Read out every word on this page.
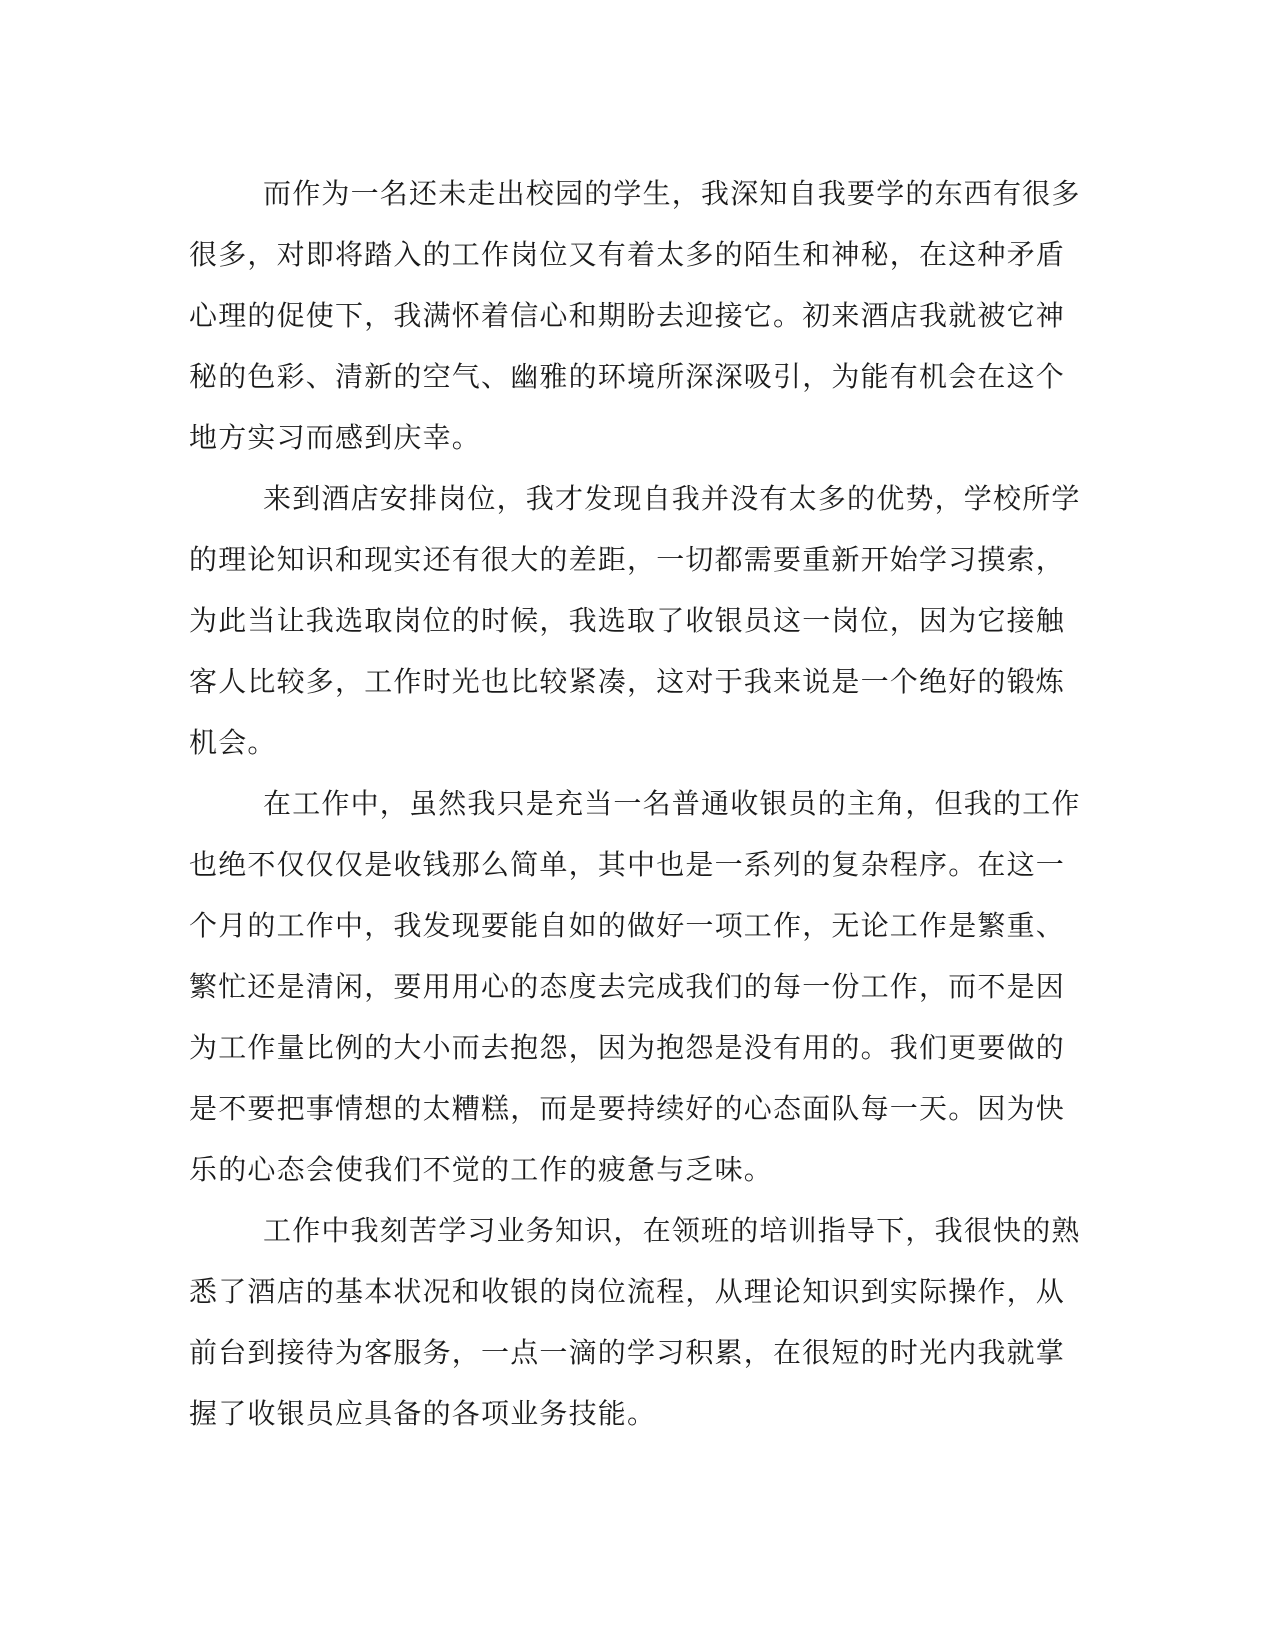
而作为一名还未走出校园的学生，我深知自我要学的东西有很多
很多，对即将踏入的工作岗位又有着太多的陌生和神秘，在这种矛盾
心理的促使下，我满怀着信心和期盼去迎接它。初来酒店我就被它神
秘的色彩、清新的空气、幽雅的环境所深深吸引，为能有机会在这个
地方实习而感到庆幸。
来到酒店安排岗位，我才发现自我并没有太多的优势，学校所学
的理论知识和现实还有很大的差距，一切都需要重新开始学习摸索，
为此当让我选取岗位的时候，我选取了收银员这一岗位，因为它接触
客人比较多，工作时光也比较紧凑，这对于我来说是一个绝好的锻炼
机会。
在工作中，虽然我只是充当一名普通收银员的主角，但我的工作
也绝不仅仅仅是收钱那么简单，其中也是一系列的复杂程序。在这一
个月的工作中，我发现要能自如的做好一项工作，无论工作是繁重、
繁忙还是清闲，要用用心的态度去完成我们的每一份工作，而不是因
为工作量比例的大小而去抱怨，因为抱怨是没有用的。我们更要做的
是不要把事情想的太糟糕，而是要持续好的心态面队每一天。因为快
乐的心态会使我们不觉的工作的疲惫与乏味。
工作中我刻苦学习业务知识，在领班的培训指导下，我很快的熟
悉了酒店的基本状况和收银的岗位流程，从理论知识到实际操作，从
前台到接待为客服务，一点一滴的学习积累，在很短的时光内我就掌
握了收银员应具备的各项业务技能。
